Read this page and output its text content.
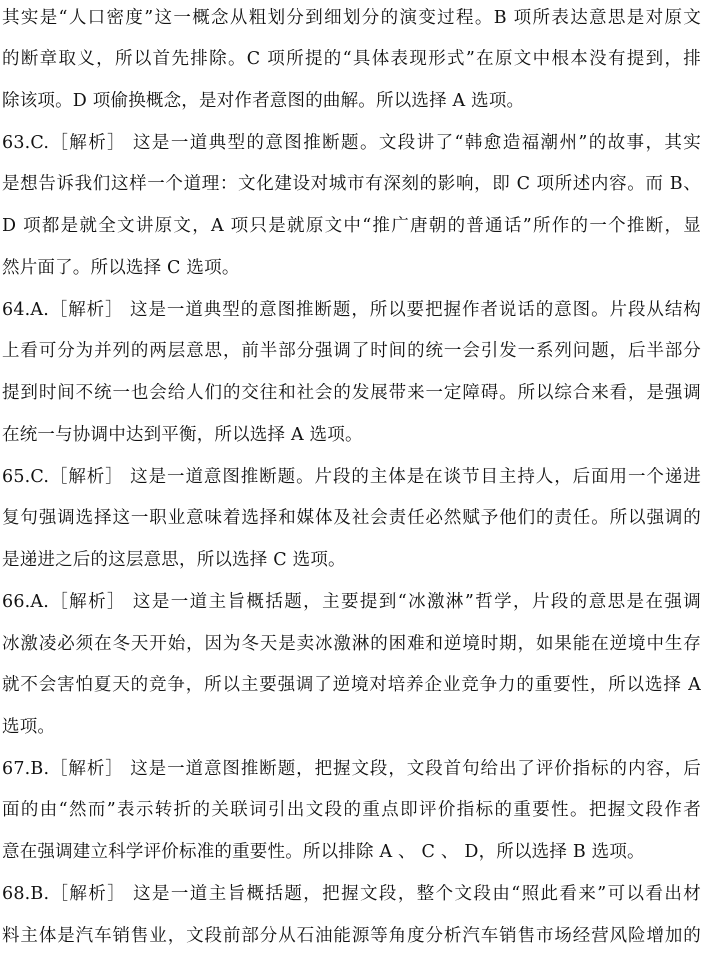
其实是“人口密度”这一概念从粗划分到细划分的演变过程。B 项所表达意思是对原文
的断章取义，所以首先排除。C 项所提的“具体表现形式”在原文中根本没有提到，排
除该项。D 项偷换概念，是对作者意图的曲解。所以选择 A 选项。
63.C.［解析］ 这是一道典型的意图推断题。文段讲了“韩愈造福潮州”的故事，其实
是想告诉我们这样一个道理：文化建设对城市有深刻的影响，即 C 项所述内容。而 B、
D 项都是就全文讲原文，A 项只是就原文中“推广唐朝的普通话”所作的一个推断，显
然片面了。所以选择 C 选项。
64.A.［解析］ 这是一道典型的意图推断题，所以要把握作者说话的意图。片段从结构
上看可分为并列的两层意思，前半部分强调了时间的统一会引发一系列问题，后半部分
提到时间不统一也会给人们的交往和社会的发展带来一定障碍。所以综合来看，是强调
在统一与协调中达到平衡，所以选择 A 选项。
65.C.［解析］ 这是一道意图推断题。片段的主体是在谈节目主持人，后面用一个递进
复句强调选择这一职业意味着选择和媒体及社会责任必然赋予他们的责任。所以强调的
是递进之后的这层意思，所以选择 C 选项。
66.A.［解析］ 这是一道主旨概括题，主要提到“冰激淋”哲学，片段的意思是在强调
冰激凌必须在冬天开始，因为冬天是卖冰激淋的困难和逆境时期，如果能在逆境中生存
就不会害怕夏天的竞争，所以主要强调了逆境对培养企业竞争力的重要性，所以选择 A
选项。
67.B.［解析］ 这是一道意图推断题，把握文段，文段首句给出了评价指标的内容，后
面的由“然而”表示转折的关联词引出文段的重点即评价指标的重要性。把握文段作者
意在强调建立科学评价标准的重要性。所以排除 A 、 C 、 D，所以选择 B 选项。
68.B.［解析］ 这是一道主旨概括题，把握文段，整个文段由“照此看来”可以看出材
料主体是汽车销售业，文段前部分从石油能源等角度分析汽车销售市场经营风险增加的
